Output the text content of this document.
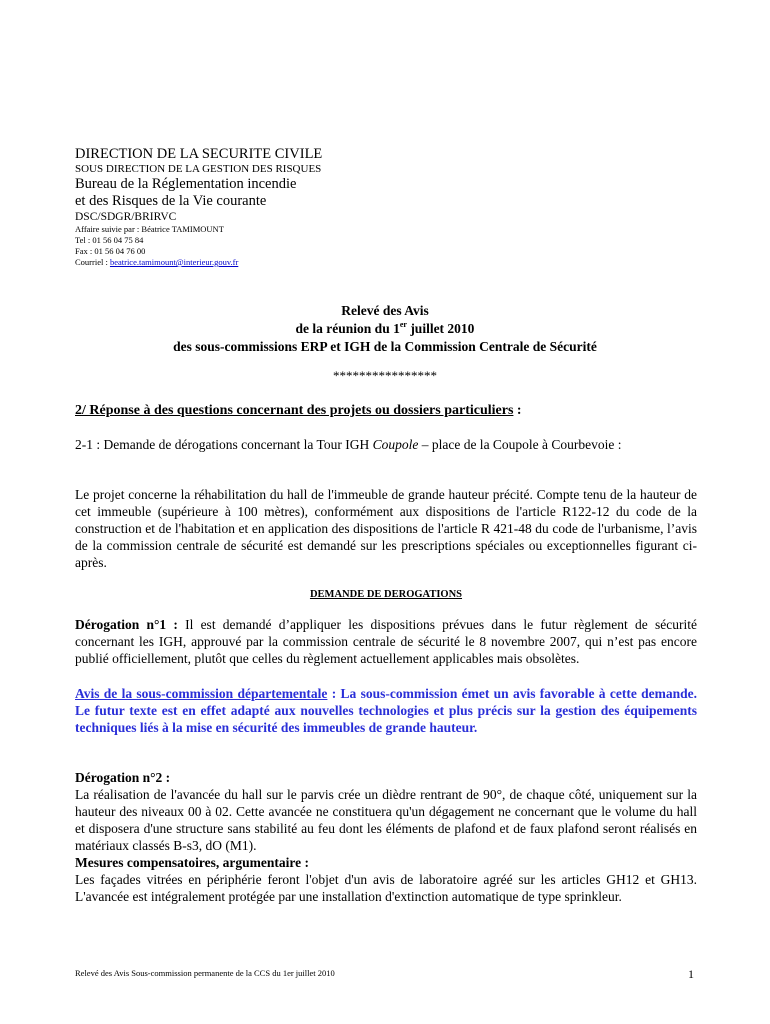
DIRECTION DE LA SECURITE CIVILE
SOUS DIRECTION DE LA GESTION DES RISQUES
Bureau de la Réglementation incendie
et des Risques de la Vie courante
DSC/SDGR/BRIRVC
Affaire suivie par : Béatrice TAMIMOUNT
Tel : 01 56 04 75 84
Fax : 01 56 04 76 00
Courriel : beatrice.tamimount@interieur.gouv.fr
Relevé des Avis
de la réunion du 1er juillet 2010
des sous-commissions ERP et IGH de la Commission Centrale de Sécurité
****************
2/ Réponse à des questions concernant des projets ou dossiers particuliers :
2-1 : Demande de dérogations concernant la Tour IGH Coupole – place de la Coupole à Courbevoie :
Le projet concerne la réhabilitation du hall de l'immeuble de grande hauteur précité. Compte tenu de la hauteur de cet immeuble (supérieure à 100 mètres), conformément aux dispositions de l'article R122-12 du code de la construction et de l'habitation et en application des dispositions de l'article R 421-48 du code de l'urbanisme, l’avis de la commission centrale de sécurité est demandé sur les prescriptions spéciales ou exceptionnelles figurant ci-après.
DEMANDE DE DEROGATIONS
Dérogation n°1 : Il est demandé d’appliquer les dispositions prévues dans le futur règlement de sécurité concernant les IGH, approuvé par la commission centrale de sécurité le 8 novembre 2007, qui n’est pas encore publié officiellement, plutôt que celles du règlement actuellement applicables mais obsolètes.
Avis de la sous-commission départementale : La sous-commission émet un avis favorable à cette demande. Le futur texte est en effet adapté aux nouvelles technologies et plus précis sur la gestion des équipements techniques liés à la mise en sécurité des immeubles de grande hauteur.
Dérogation n°2 :
La réalisation de l'avancée du hall sur le parvis crée un dièdre rentrant de 90°, de chaque côté, uniquement sur la hauteur des niveaux 00 à 02. Cette avancée ne constituera qu'un dégagement ne concernant que le volume du hall et disposera d'une structure sans stabilité au feu dont les éléments de plafond et de faux plafond seront réalisés en matériaux classés B-s3, dO (M1).
Mesures compensatoires, argumentaire :
Les façades vitrées en périphérie feront l'objet d'un avis de laboratoire agréé sur les articles GH12 et GH13. L'avancée est intégralement protégée par une installation d'extinction automatique de type sprinkleur.
Relevé des Avis Sous-commission permanente de la CCS du 1er juillet 2010	1
